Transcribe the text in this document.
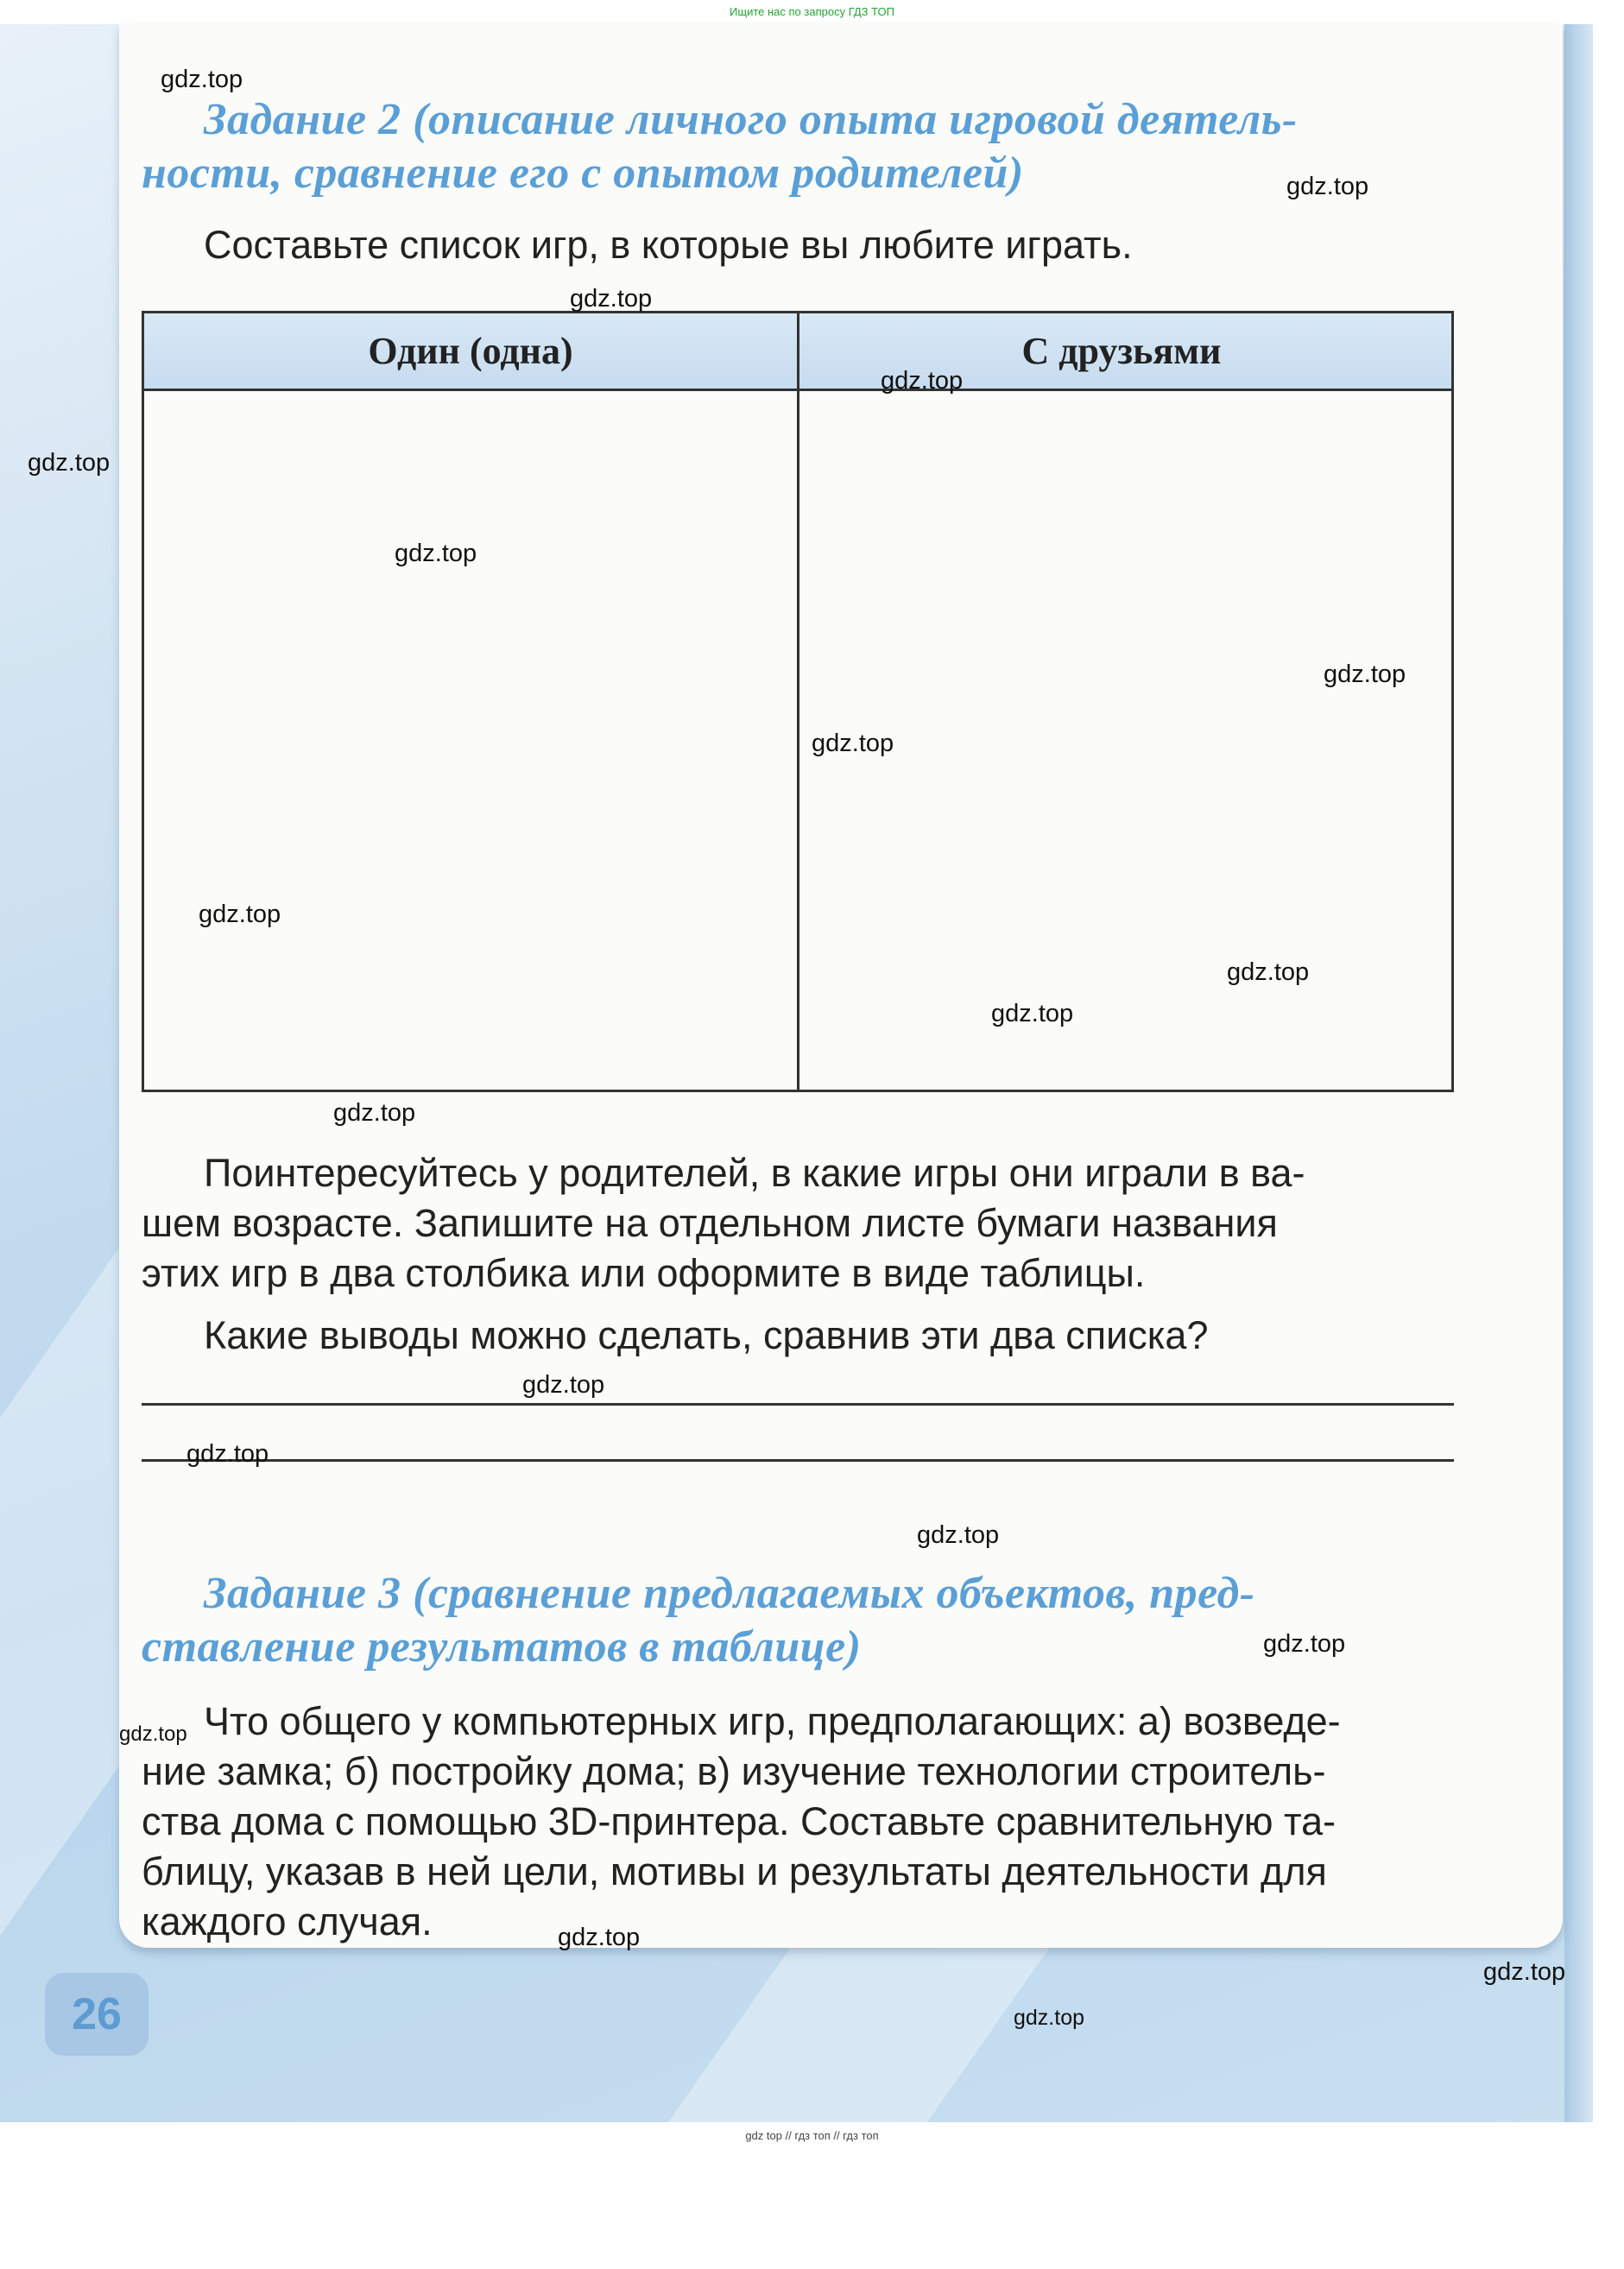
Ищите нас по запросу ГДЗ ТОП
Задание 2 (описание личного опыта игровой деятель-
ности, сравнение его с опытом родителей)
Составьте список игр, в которые вы любите играть.
Один (одна)	С друзьями
Поинтересуйтесь у родителей, в какие игры они играли в ва-
шем возрасте. Запишите на отдельном листе бумаги названия
этих игр в два столбика или оформите в виде таблицы.
Какие выводы можно сделать, сравнив эти два списка?
Задание 3 (сравнение предлагаемых объектов, пред-
ставление результатов в таблице)
Что общего у компьютерных игр, предполагающих: а) возведе-
ние замка; б) постройку дома; в) изучение технологии строитель-
ства дома с помощью 3D-принтера. Составьте сравнительную та-
блицу, указав в ней цели, мотивы и результаты деятельности для
каждого случая.
26
gdz.top
gdz.top
gdz.top
gdz.top
gdz.top
gdz.top
gdz.top
gdz.top
gdz.top
gdz.top
gdz.top
gdz.top
gdz.top
gdz.top
gdz.top
gdz.top
gdz.top
gdz.top
gdz.top
gdz.top
gdz top // гдз топ // гдз топ
